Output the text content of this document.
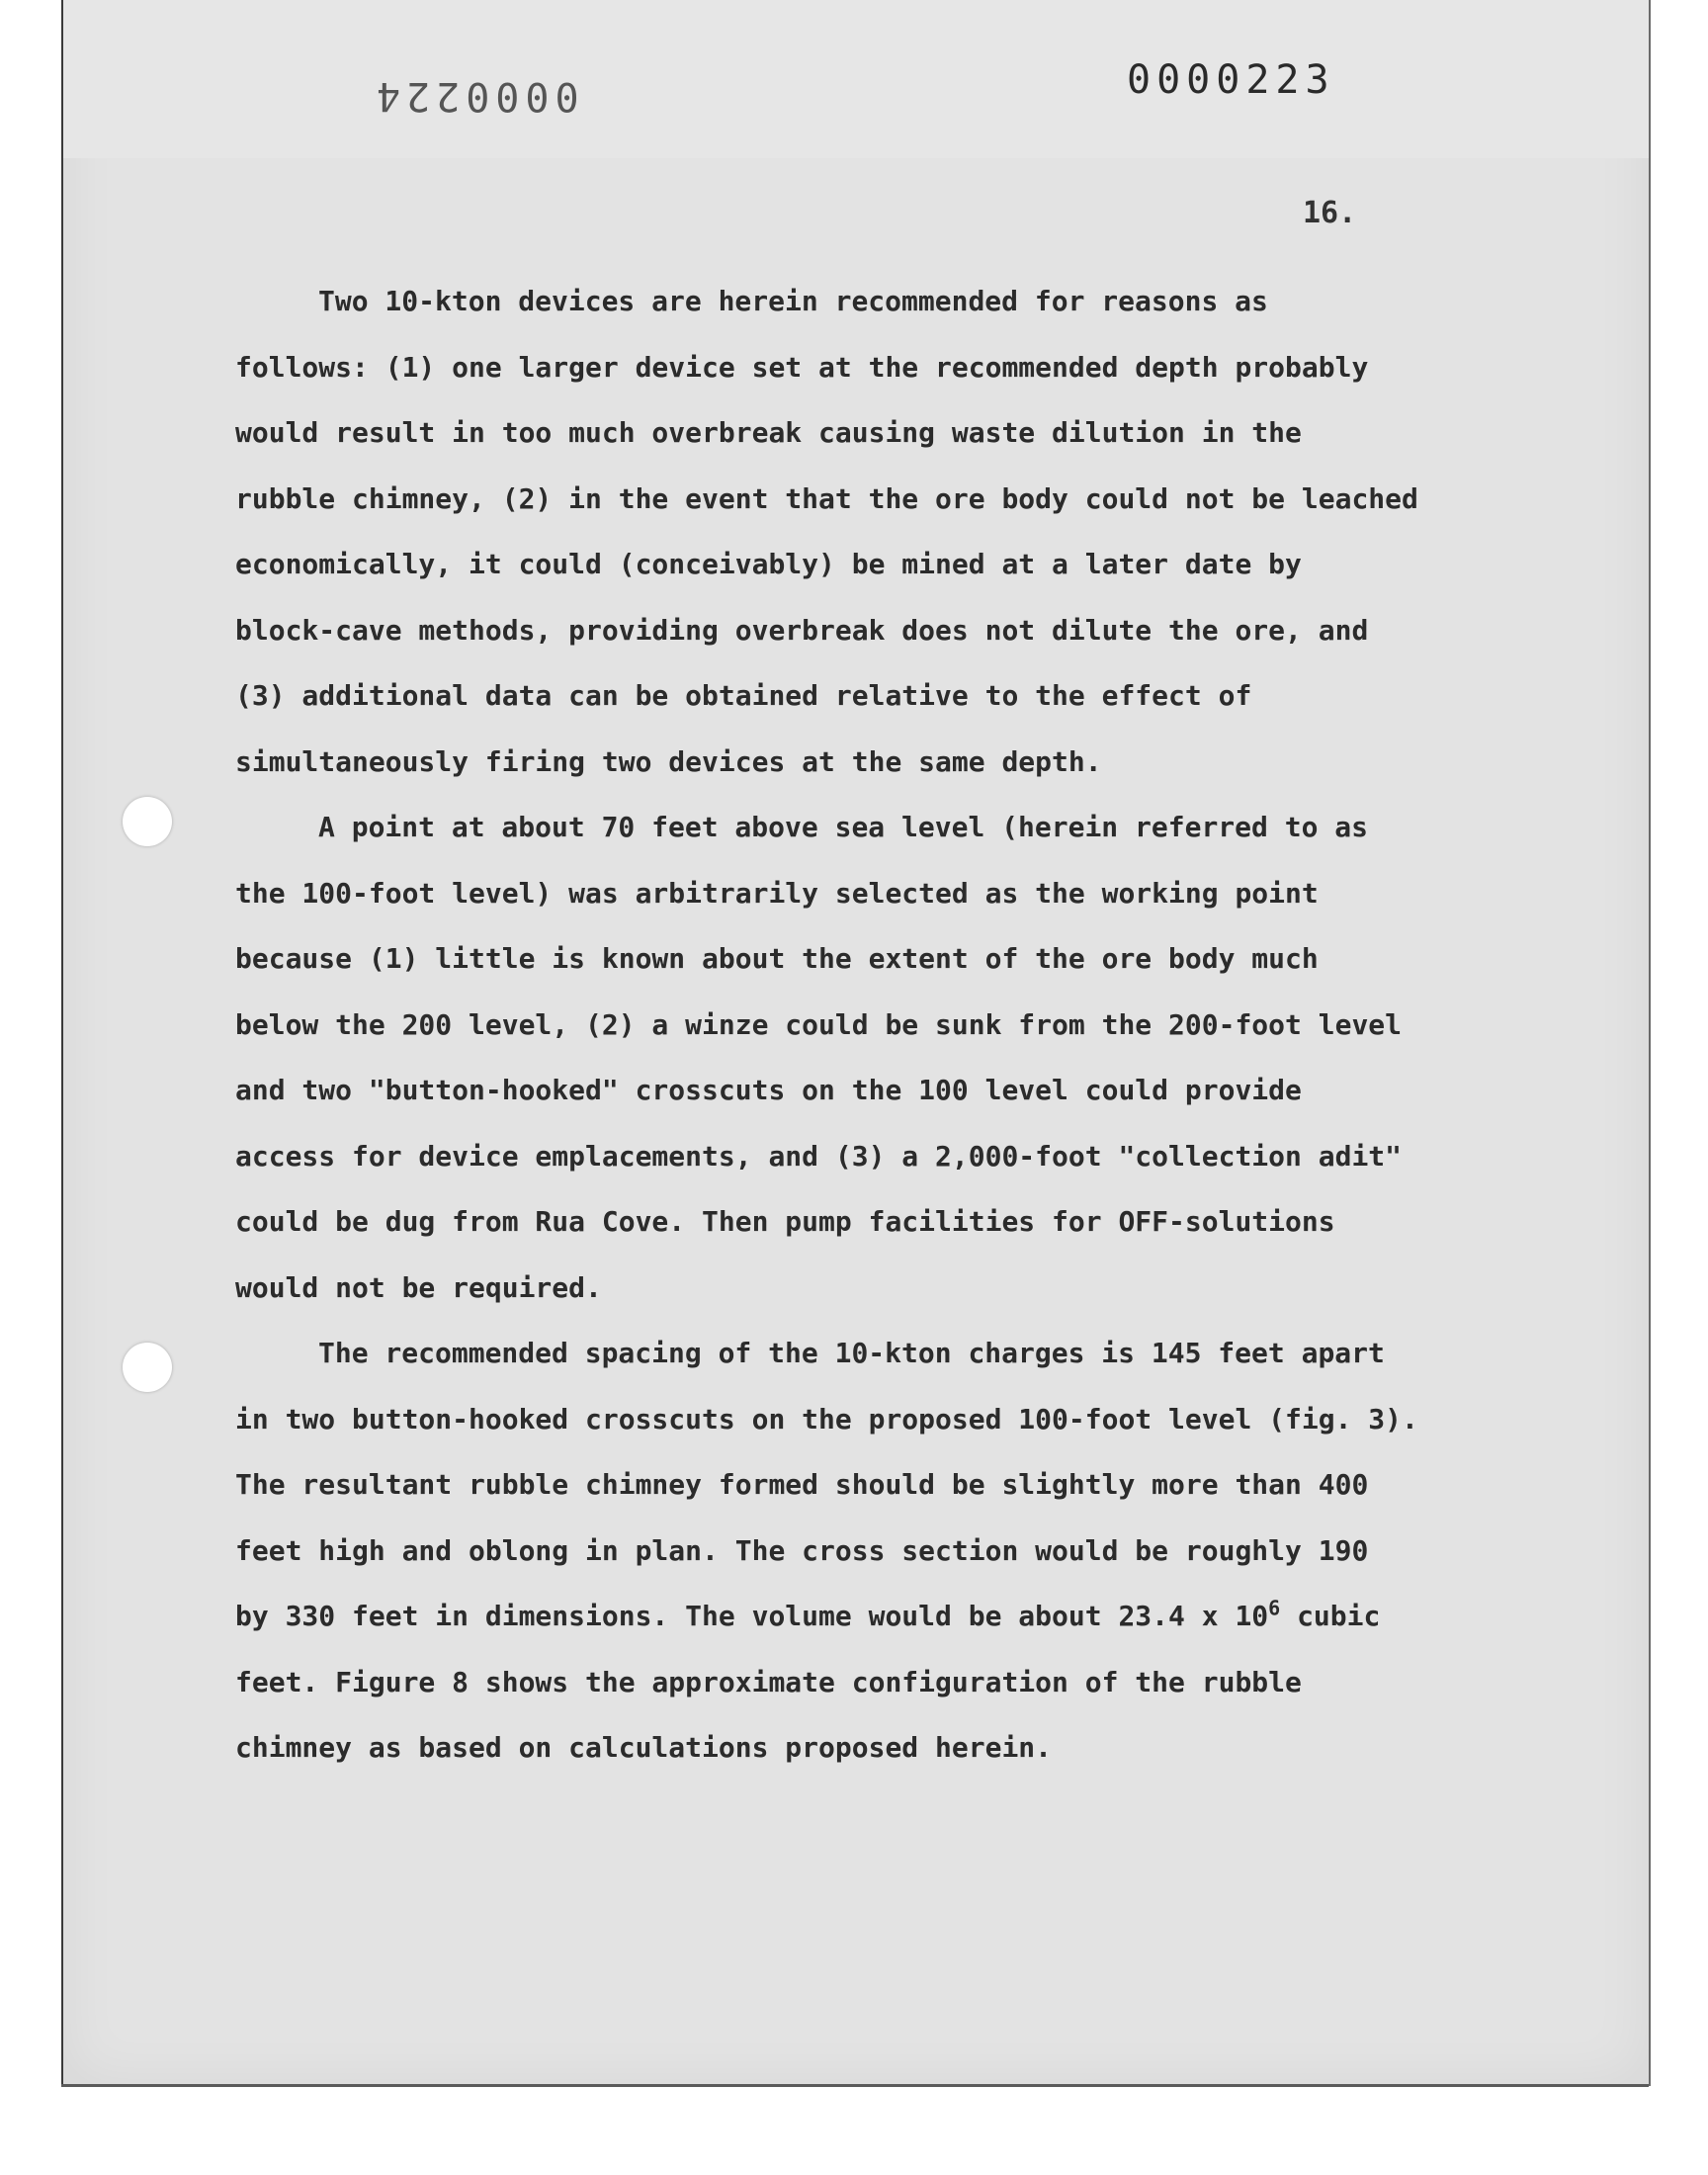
0000223
0000224
16.
Two 10-kton devices are herein recommended for reasons as
follows: (1) one larger device set at the recommended depth probably
would result in too much overbreak causing waste dilution in the
rubble chimney, (2) in the event that the ore body could not be leached
economically, it could (conceivably) be mined at a later date by
block-cave methods, providing overbreak does not dilute the ore, and
(3) additional data can be obtained relative to the effect of
simultaneously firing two devices at the same depth.
A point at about 70 feet above sea level (herein referred to as
the 100-foot level) was arbitrarily selected as the working point
because (1) little is known about the extent of the ore body much
below the 200 level, (2) a winze could be sunk from the 200-foot level
and two "button-hooked" crosscuts on the 100 level could provide
access for device emplacements, and (3) a 2,000-foot "collection adit"
could be dug from Rua Cove. Then pump facilities for OFF-solutions
would not be required.
The recommended spacing of the 10-kton charges is 145 feet apart
in two button-hooked crosscuts on the proposed 100-foot level (fig. 3).
The resultant rubble chimney formed should be slightly more than 400
feet high and oblong in plan. The cross section would be roughly 190
by 330 feet in dimensions. The volume would be about 23.4 x $10^6$ cubic
feet. Figure 8 shows the approximate configuration of the rubble
chimney as based on calculations proposed herein.
